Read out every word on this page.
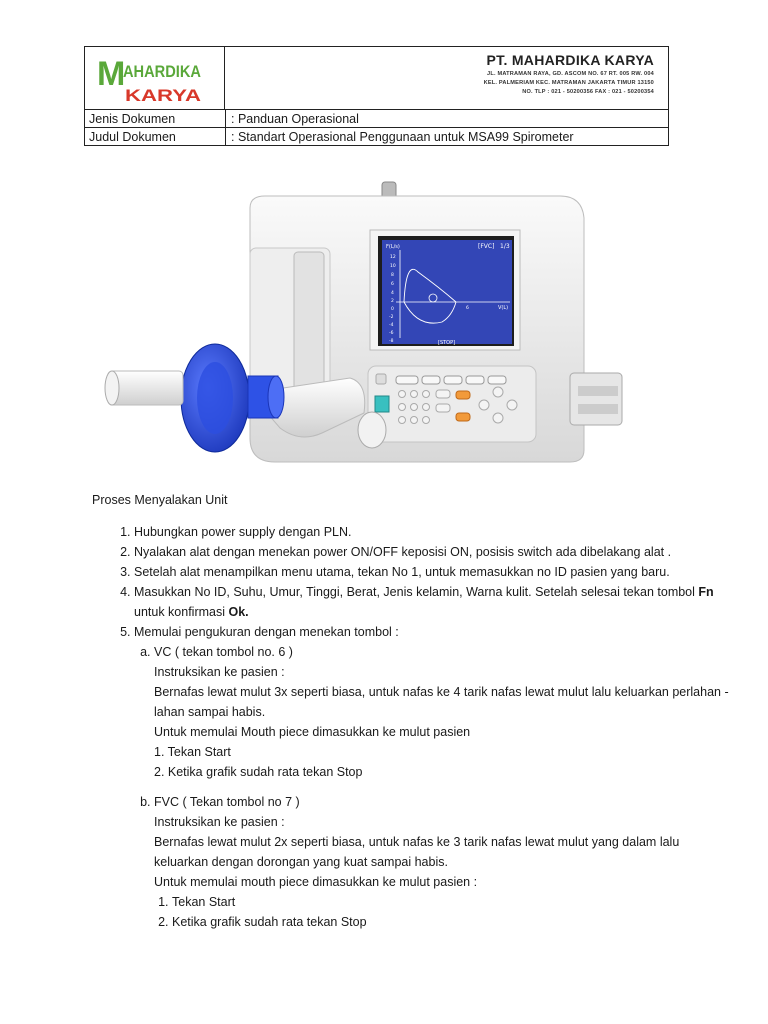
M
AHARDIKA
KARYA
PT. MAHARDIKA KARYA
JL. MATRAMAN RAYA, GD. ASCOM NO. 67 RT. 005 RW. 004
KEL. PALMERIAM KEC. MATRAMAN JAKARTA TIMUR 13150
NO. TLP : 021 - 50200356 FAX : 021 - 50200354
Jenis Dokumen	: Panduan Operasional
Judul Dokumen	: Standart Operasional Penggunaan untuk MSA99 Spirometer
F(L/s)	[FVC] 1/3
12
10
8
6
4
2
0
-2
-4
-6
-8
6	V(L)
[STOP]
Proses Menyalakan Unit
1. Hubungkan power supply dengan PLN.
2. Nyalakan alat dengan menekan power ON/OFF keposisi ON, posisis switch ada dibelakang alat .
3. Setelah alat menampilkan menu utama, tekan No 1, untuk memasukkan no ID pasien yang baru.
4. Masukkan No ID, Suhu, Umur, Tinggi, Berat, Jenis kelamin, Warna kulit. Setelah selesai tekan tombol Fn untuk konfirmasi Ok.
5. Memulai pengukuran dengan menekan tombol :
a. VC ( tekan tombol no. 6 )
Instruksikan ke pasien :
Bernafas lewat mulut 3x seperti biasa, untuk nafas ke 4 tarik nafas lewat mulut lalu keluarkan perlahan - lahan sampai habis.
Untuk memulai Mouth piece dimasukkan ke mulut pasien
1. Tekan Start
2. Ketika grafik sudah rata tekan Stop
b. FVC ( Tekan tombol no 7 )
Instruksikan ke pasien :
Bernafas lewat mulut 2x seperti biasa, untuk nafas ke 3 tarik nafas lewat mulut yang dalam lalu keluarkan dengan dorongan yang kuat sampai habis.
Untuk memulai mouth piece dimasukkan ke mulut pasien :
1. Tekan Start
2. Ketika grafik sudah rata tekan Stop
